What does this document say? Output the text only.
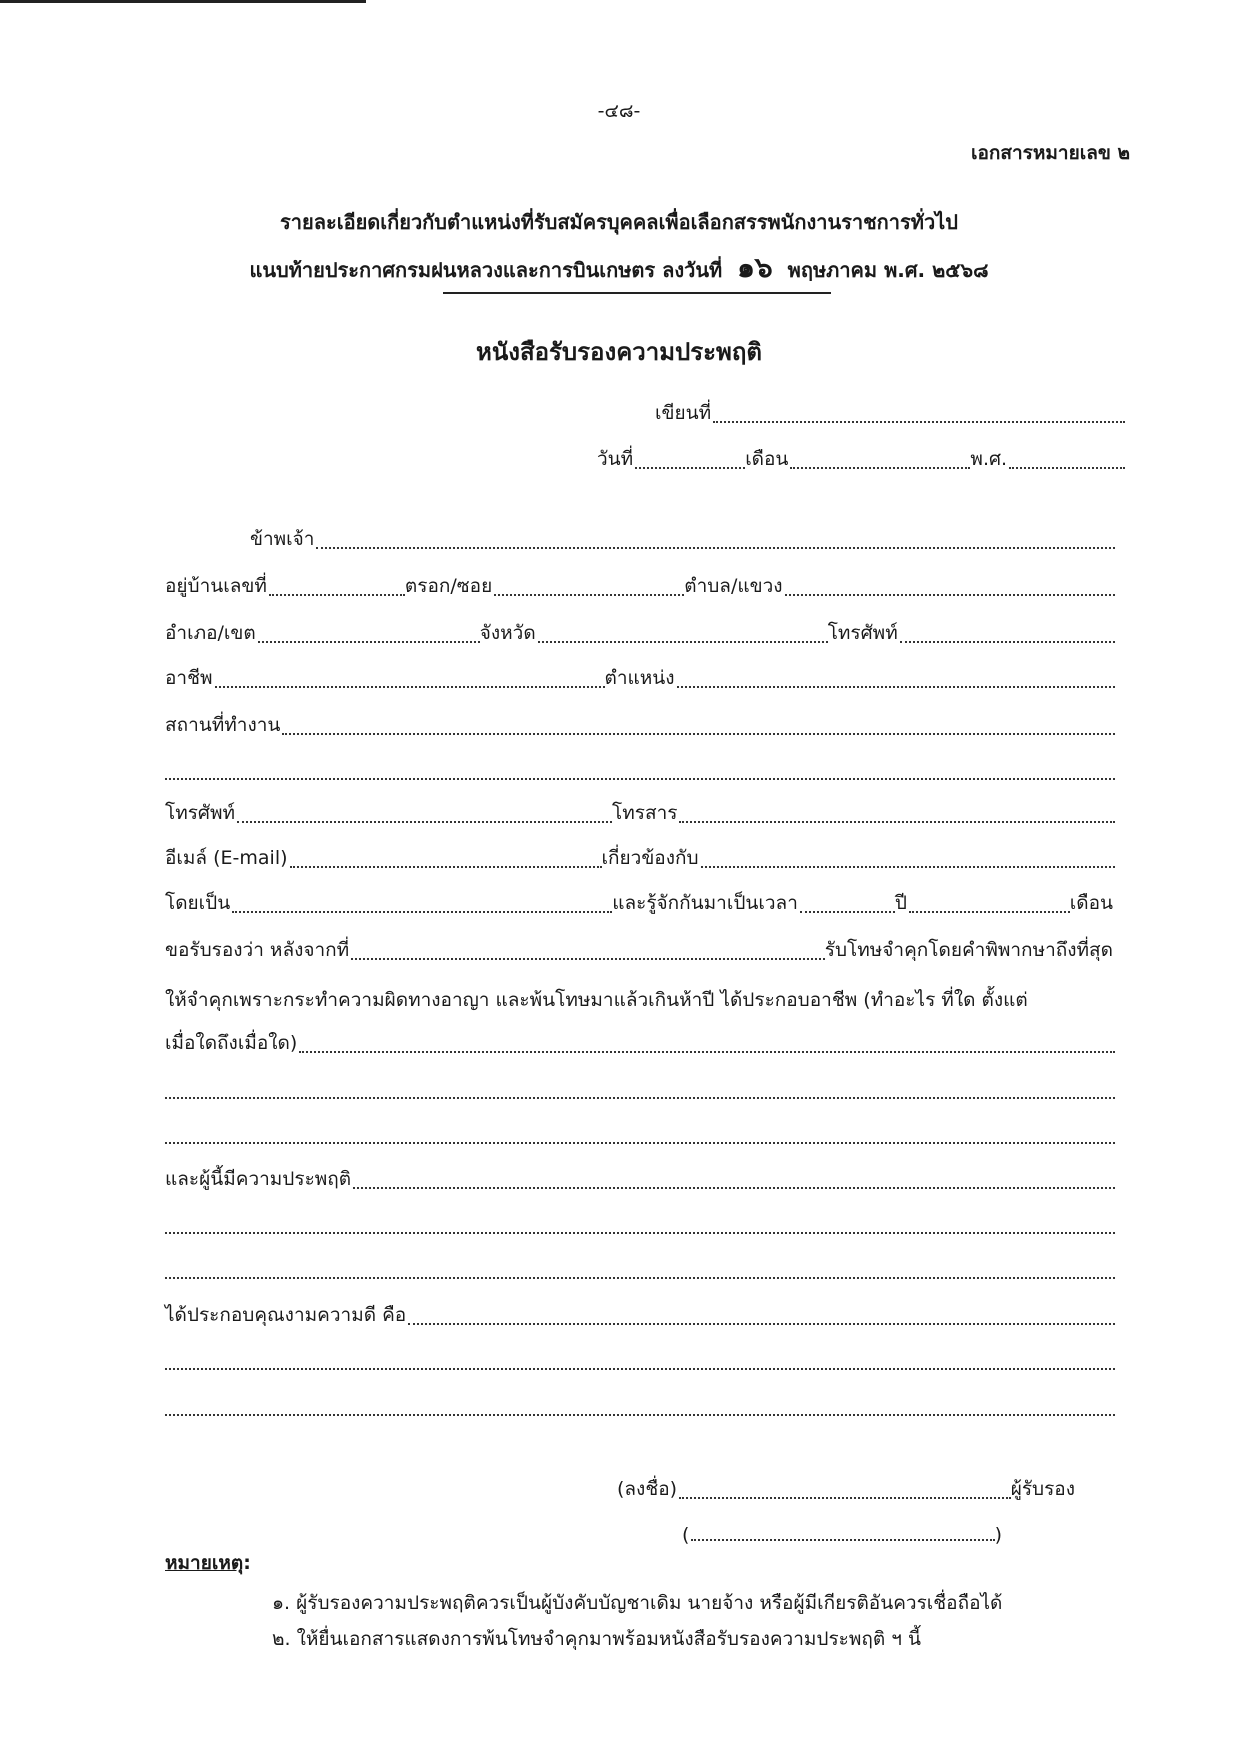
-๔๘-
เอกสารหมายเลข ๒
รายละเอียดเกี่ยวกับตำแหน่งที่รับสมัครบุคคลเพื่อเลือกสรรพนักงานราชการทั่วไป
แนบท้ายประกาศกรมฝนหลวงและการบินเกษตร ลงวันที่ ๑๖ พฤษภาคม พ.ศ. ๒๕๖๘
หนังสือรับรองความประพฤติ
เขียนที่
วันที่	เดือน	พ.ศ.
ข้าพเจ้า
อยู่บ้านเลขที่	ตรอก/ซอย	ตำบล/แขวง
อำเภอ/เขต	จังหวัด	โทรศัพท์
อาชีพ	ตำแหน่ง
สถานที่ทำงาน
โทรศัพท์	โทรสาร
อีเมล์ (E-mail)	เกี่ยวข้องกับ
โดยเป็น	และรู้จักกันมาเป็นเวลา	ปี	เดือน
ขอรับรองว่า หลังจากที่	รับโทษจำคุกโดยคำพิพากษาถึงที่สุด
ให้จำคุกเพราะกระทำความผิดทางอาญา และพ้นโทษมาแล้วเกินห้าปี ได้ประกอบอาชีพ (ทำอะไร ที่ใด ตั้งแต่
เมื่อใดถึงเมื่อใด)
และผู้นี้มีความประพฤติ
ได้ประกอบคุณงามความดี คือ
(ลงชื่อ)	ผู้รับรอง
(	)
หมายเหตุ:
๑. ผู้รับรองความประพฤติควรเป็นผู้บังคับบัญชาเดิม นายจ้าง หรือผู้มีเกียรติอันควรเชื่อถือได้
๒. ให้ยื่นเอกสารแสดงการพ้นโทษจำคุกมาพร้อมหนังสือรับรองความประพฤติ ฯ นี้
